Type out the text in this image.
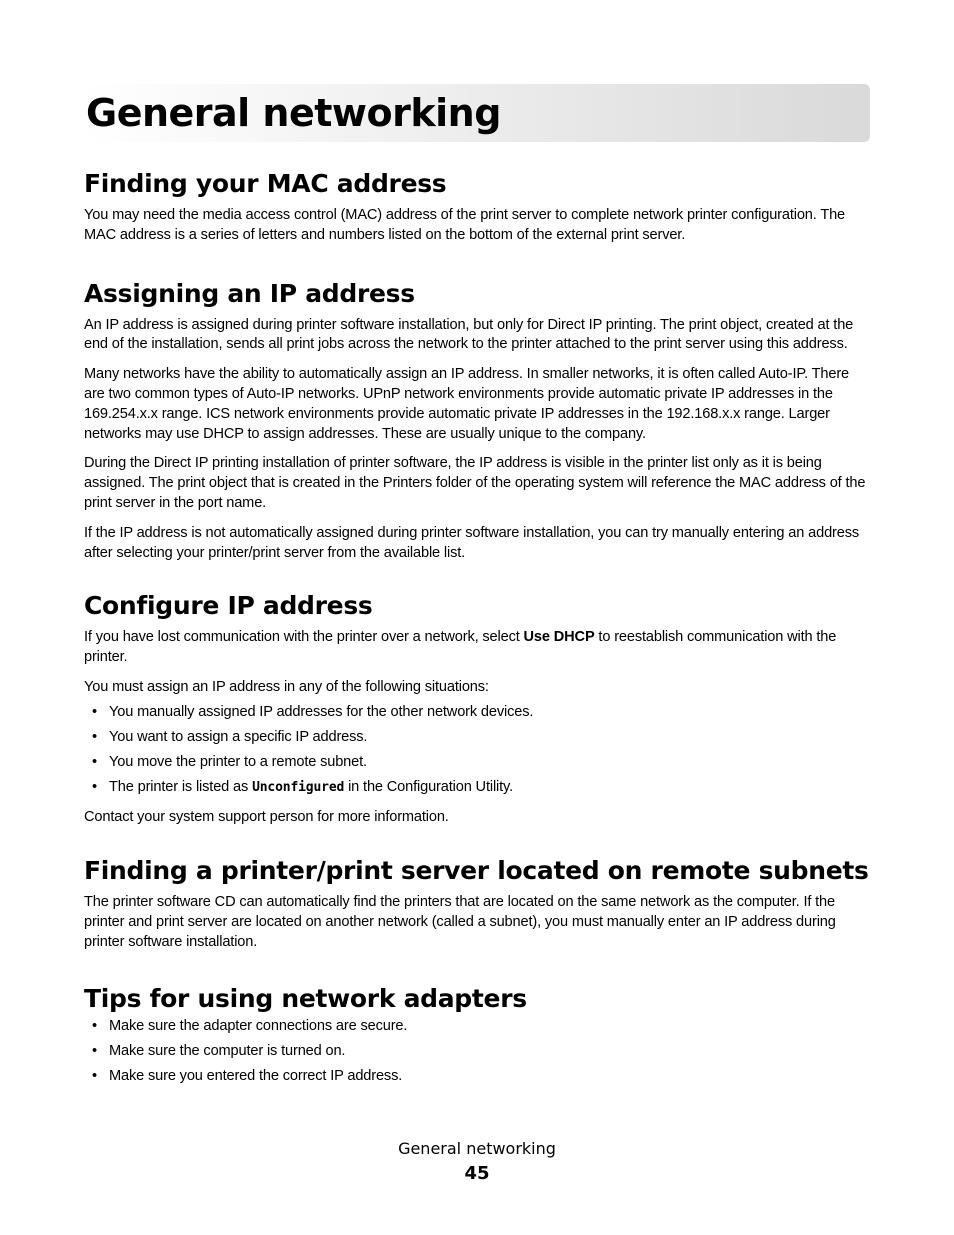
General networking
Finding your MAC address

You may need the media access control (MAC) address of the print server to complete network printer configuration. The MAC address is a series of letters and numbers listed on the bottom of the external print server.

Assigning an IP address

An IP address is assigned during printer software installation, but only for Direct IP printing. The print object, created at the end of the installation, sends all print jobs across the network to the printer attached to the print server using this address.

Many networks have the ability to automatically assign an IP address. In smaller networks, it is often called Auto-IP. There are two common types of Auto-IP networks. UPnP network environments provide automatic private IP addresses in the 169.254.x.x range. ICS network environments provide automatic private IP addresses in the 192.168.x.x range. Larger networks may use DHCP to assign addresses. These are usually unique to the company.

During the Direct IP printing installation of printer software, the IP address is visible in the printer list only as it is being assigned. The print object that is created in the Printers folder of the operating system will reference the MAC address of the print server in the port name.

If the IP address is not automatically assigned during printer software installation, you can try manually entering an address after selecting your printer/print server from the available list.

Configure IP address

If you have lost communication with the printer over a network, select Use DHCP to reestablish communication with the printer.

You must assign an IP address in any of the following situations:

• You manually assigned IP addresses for the other network devices.
• You want to assign a specific IP address.
• You move the printer to a remote subnet.
• The printer is listed as Unconfigured in the Configuration Utility.

Contact your system support person for more information.

Finding a printer/print server located on remote subnets

The printer software CD can automatically find the printers that are located on the same network as the computer. If the printer and print server are located on another network (called a subnet), you must manually enter an IP address during printer software installation.

Tips for using network adapters
• Make sure the adapter connections are secure.
• Make sure the computer is turned on.
• Make sure you entered the correct IP address.
General networking
45
